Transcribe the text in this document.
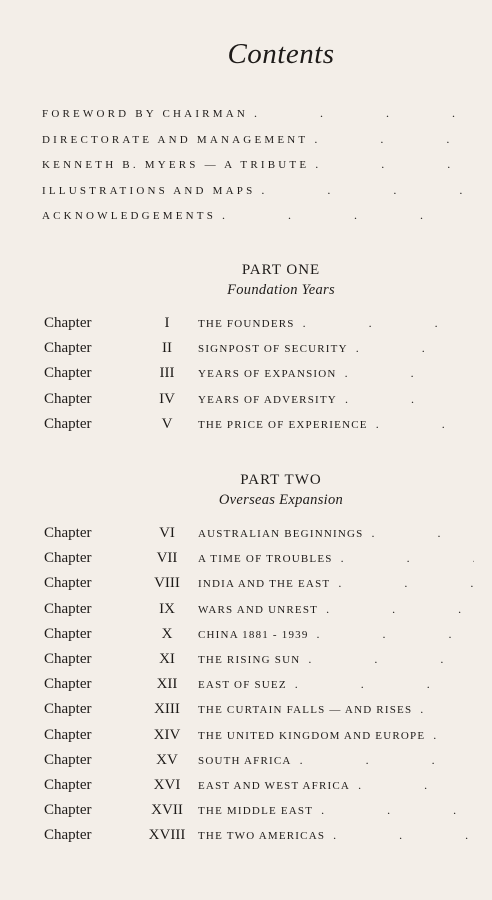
Contents
FOREWORD BY CHAIRMAN
.
DIRECTORATE AND MANAGEMENT
.
KENNETH B. MYERS — A TRIBUTE
.
ILLUSTRATIONS AND MAPS
.
ACKNOWLEDGEMENTS
.
PART ONE
Foundation Years
Chapter	I	THE FOUNDERS
.
Chapter	II	SIGNPOST OF SECURITY
.
Chapter	III	YEARS OF EXPANSION
.
Chapter	IV	YEARS OF ADVERSITY
.
Chapter	V	THE PRICE OF EXPERIENCE
.
PART TWO
Overseas Expansion
Chapter	VI	AUSTRALIAN BEGINNINGS
.
Chapter	VII	A TIME OF TROUBLES
.
Chapter	VIII	INDIA AND THE EAST
.
Chapter	IX	WARS AND UNREST
.
Chapter	X	CHINA 1881 - 1939
.
Chapter	XI	THE RISING SUN
.
Chapter	XII	EAST OF SUEZ
.
Chapter	XIII	THE CURTAIN FALLS — AND RISES
.
Chapter	XIV	THE UNITED KINGDOM AND EUROPE
.
Chapter	XV	SOUTH AFRICA
.
Chapter	XVI	EAST AND WEST AFRICA
.
Chapter	XVII	THE MIDDLE EAST
.
Chapter	XVIII	THE TWO AMERICAS
.
